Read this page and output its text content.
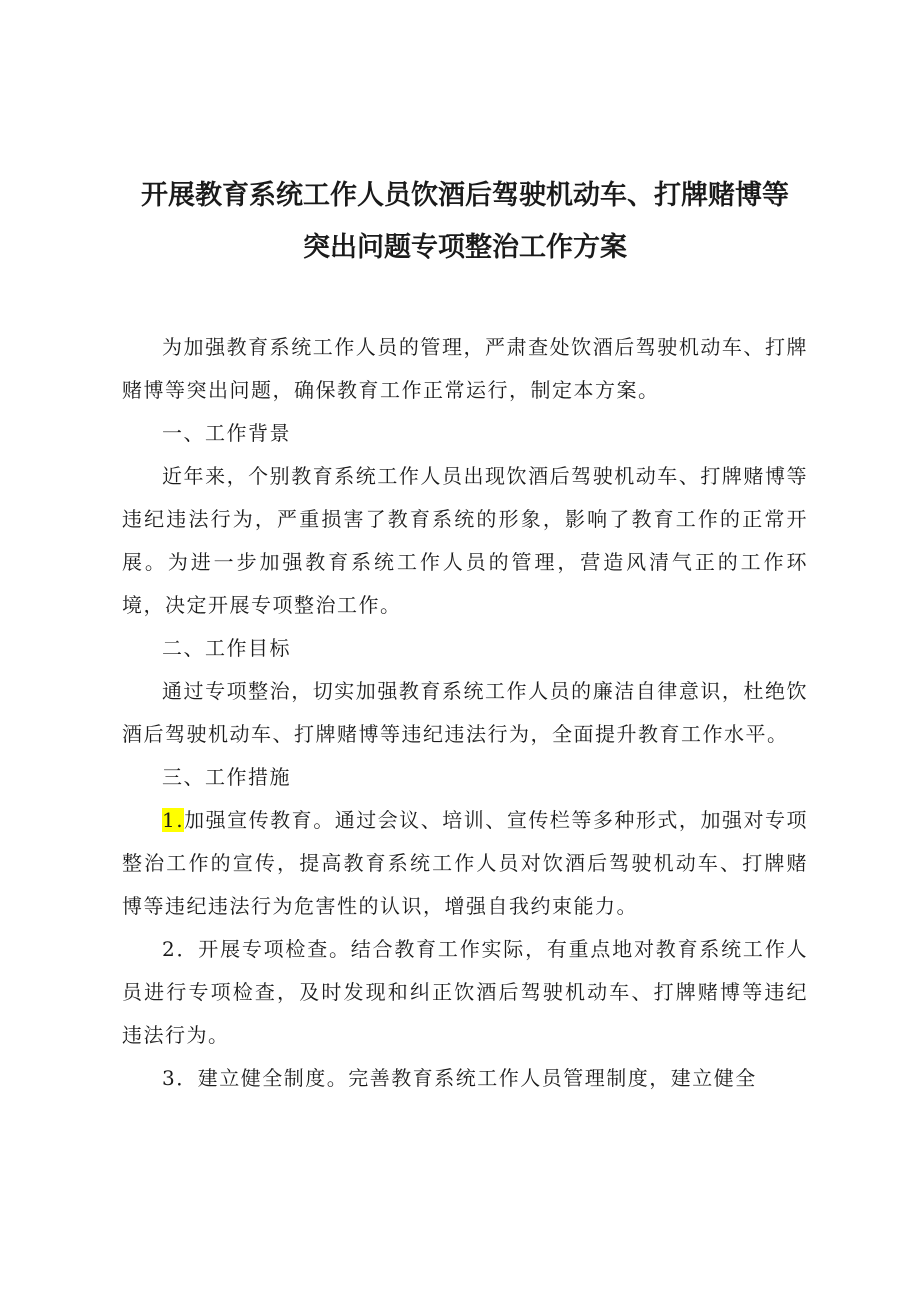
开展教育系统工作人员饮酒后驾驶机动车、打牌赌博等
突出问题专项整治工作方案

为加强教育系统工作人员的管理，严肃查处饮酒后驾驶机动车、打牌赌博等突出问题，确保教育工作正常运行，制定本方案。

一、工作背景

近年来，个别教育系统工作人员出现饮酒后驾驶机动车、打牌赌博等违纪违法行为，严重损害了教育系统的形象，影响了教育工作的正常开展。为进一步加强教育系统工作人员的管理，营造风清气正的工作环境，决定开展专项整治工作。

二、工作目标

通过专项整治，切实加强教育系统工作人员的廉洁自律意识，杜绝饮酒后驾驶机动车、打牌赌博等违纪违法行为，全面提升教育工作水平。

三、工作措施

1.加强宣传教育。通过会议、培训、宣传栏等多种形式，加强对专项整治工作的宣传，提高教育系统工作人员对饮酒后驾驶机动车、打牌赌博等违纪违法行为危害性的认识，增强自我约束能力。

2．开展专项检查。结合教育工作实际，有重点地对教育系统工作人员进行专项检查，及时发现和纠正饮酒后驾驶机动车、打牌赌博等违纪违法行为。

3．建立健全制度。完善教育系统工作人员管理制度，建立健全
